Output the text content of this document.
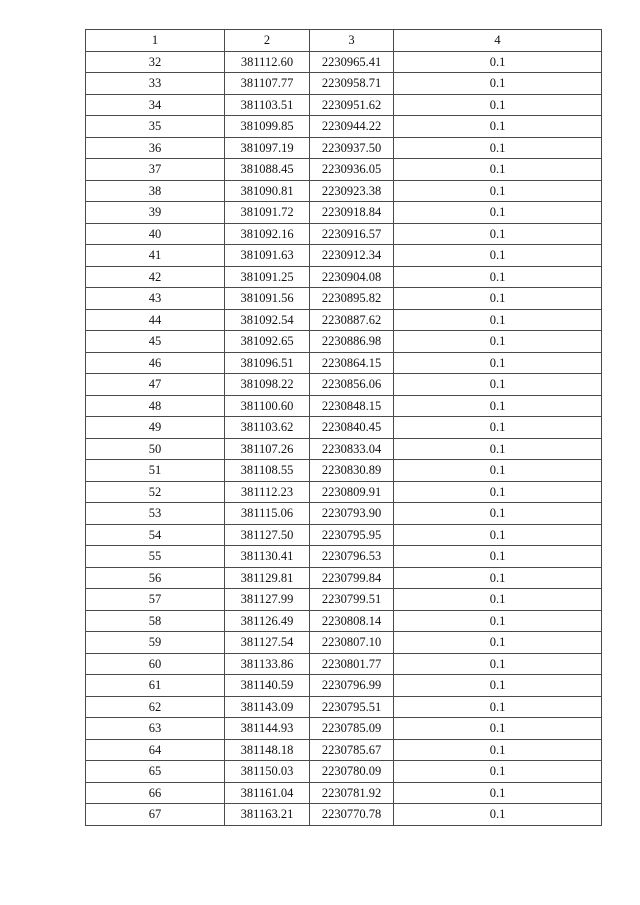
1	2	3	4
32	381112.60	2230965.41	0.1
33	381107.77	2230958.71	0.1
34	381103.51	2230951.62	0.1
35	381099.85	2230944.22	0.1
36	381097.19	2230937.50	0.1
37	381088.45	2230936.05	0.1
38	381090.81	2230923.38	0.1
39	381091.72	2230918.84	0.1
40	381092.16	2230916.57	0.1
41	381091.63	2230912.34	0.1
42	381091.25	2230904.08	0.1
43	381091.56	2230895.82	0.1
44	381092.54	2230887.62	0.1
45	381092.65	2230886.98	0.1
46	381096.51	2230864.15	0.1
47	381098.22	2230856.06	0.1
48	381100.60	2230848.15	0.1
49	381103.62	2230840.45	0.1
50	381107.26	2230833.04	0.1
51	381108.55	2230830.89	0.1
52	381112.23	2230809.91	0.1
53	381115.06	2230793.90	0.1
54	381127.50	2230795.95	0.1
55	381130.41	2230796.53	0.1
56	381129.81	2230799.84	0.1
57	381127.99	2230799.51	0.1
58	381126.49	2230808.14	0.1
59	381127.54	2230807.10	0.1
60	381133.86	2230801.77	0.1
61	381140.59	2230796.99	0.1
62	381143.09	2230795.51	0.1
63	381144.93	2230785.09	0.1
64	381148.18	2230785.67	0.1
65	381150.03	2230780.09	0.1
66	381161.04	2230781.92	0.1
67	381163.21	2230770.78	0.1
